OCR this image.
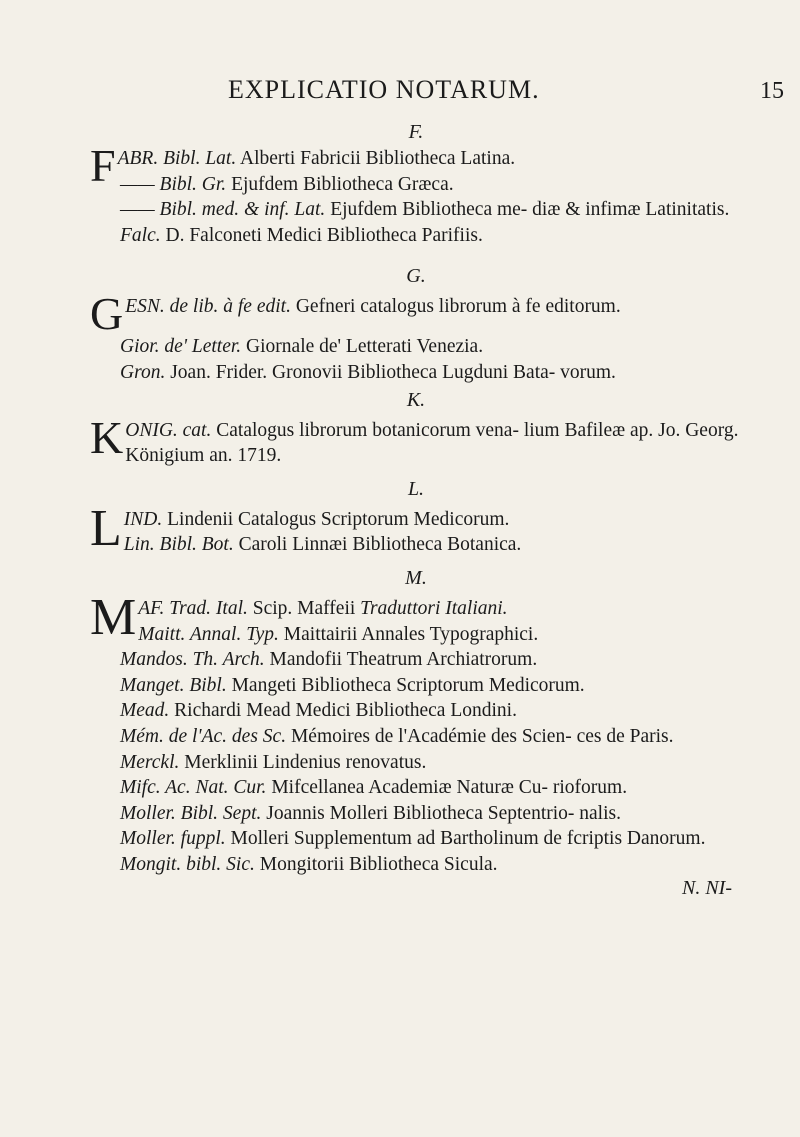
EXPLICATIO NOTARUM.	15
F.

FABR. Bibl. Lat. Alberti Fabricii Bibliotheca Latina.

—— Bibl. Gr. Ejufdem Bibliotheca Græca.

—— Bibl. med. & inf. Lat. Ejufdem Bibliotheca me- diæ & infimæ Latinitatis.

Falc. D. Falconeti Medici Bibliotheca Parifiis.

G.

GESN. de lib. à fe edit. Gefneri catalogus librorum à fe editorum.

Gior. de' Letter. Giornale de' Letterati Venezia.

Gron. Joan. Frider. Gronovii Bibliotheca Lugduni Bata- vorum.

K.

KONIG. cat. Catalogus librorum botanicorum vena- lium Bafileæ ap. Jo. Georg. Königium an. 1719.

L.

LIND. Lindenii Catalogus Scriptorum Medicorum.

Lin. Bibl. Bot. Caroli Linnæi Bibliotheca Botanica.

M.

MAF. Trad. Ital. Scip. Maffeii Traduttori Italiani.

Maitt. Annal. Typ. Maittairii Annales Typographici.

Mandos. Th. Arch. Mandofii Theatrum Archiatrorum.

Manget. Bibl. Mangeti Bibliotheca Scriptorum Medicorum.

Mead. Richardi Mead Medici Bibliotheca Londini.

Mém. de l'Ac. des Sc. Mémoires de l'Académie des Scien- ces de Paris.

Merckl. Merklinii Lindenius renovatus.

Mifc. Ac. Nat. Cur. Mifcellanea Academiæ Naturæ Cu- rioforum.

Moller. Bibl. Sept. Joannis Molleri Bibliotheca Septentrio- nalis.

Moller. fuppl. Molleri Supplementum ad Bartholinum de fcriptis Danorum.

Mongit. bibl. Sic. Mongitorii Bibliotheca Sicula.

N. NI-
